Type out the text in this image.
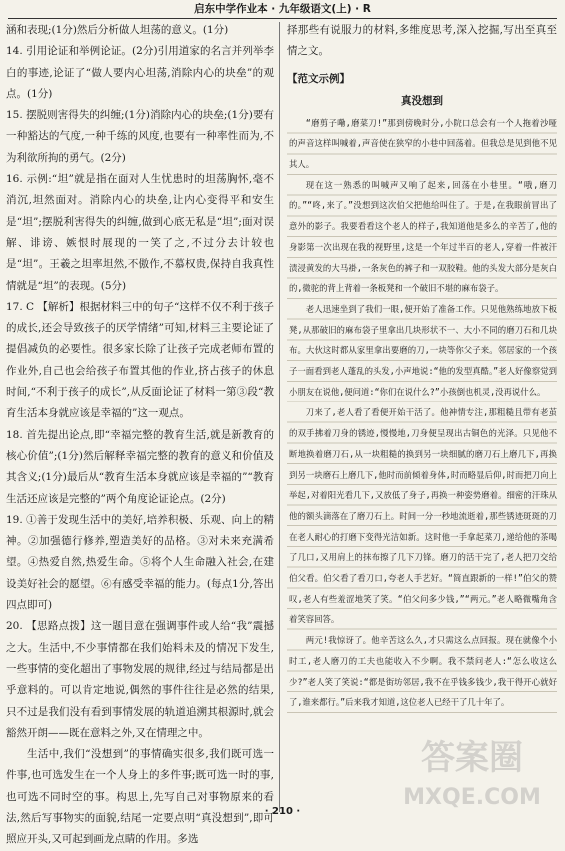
启东中学作业本 · 九年级语文(上) · R

涵和表现;(1分)然后分析做人坦荡的意义。(1分)

14. 引用论证和举例论证。(2分)引用道家的名言并列举李白的事迹,论证了“做人要内心坦荡,消除内心的块垒”的观点。(1分)

15. 摆脱则害得失的纠缠;(1分)消除内心的块垒;(1分)要有一种豁达的气度,一种千练的风度,也要有一种率性而为,不为利欲所拘的勇气。(2分)

16. 示例:“坦”就是指在面对人生忧患时的坦荡胸怀,毫不消沉,坦然面对。消除内心的块垒,让内心变得平和安生是“坦”;摆脱利害得失的纠缠,做到心底无私是“坦”;面对误解、诽谤、嫉恨时展现的一笑了之,不过分去计较也是“坦”。王羲之坦率坦然,不傲作,不慕权贵,保持自我真性情就是“坦”的表现。(5分)

17. C 【解析】根据材料三中的句子“这样不仅不利于孩子的成长,还会导致孩子的厌学情绪”可知,材料三主要论证了提倡减负的必要性。很多家长除了让孩子完成老师布置的作业外,自己也会给孩子布置其他的作业,挤占孩子的休息时间,“不利于孩子的成长”,从反面论证了材料一第③段“教育生活本身就应该是幸福的”这一观点。

18. 首先提出论点,即“幸福完整的教育生活,就是新教育的核心价值”;(1分)然后解释幸福完整的教育的意义和价值及其含义;(1分)最后从“教育生活本身就应该是幸福的”“教育生活还应该是完整的”两个角度论证论点。(2分)

19. ①善于发现生活中的美好,培养积极、乐观、向上的精神。②加强德行修养,塑造美好的品格。③对未来充满希望。④热爱自然,热爱生命。⑤将个人生命融入社会,在建设美好社会的愿望。⑥有感受幸福的能力。(每点1分,答出四点即可)

20. 【思路点拨】这一题目意在强调事件或人给“我”震撼之大。生活中,不少事情都在我们始料未及的情况下发生,一些事情的变化超出了事物发展的规律,经过与结局都是出乎意料的。可以肯定地说,偶然的事件往往是必然的结果,只不过是我们没有看到事情发展的轨道追溯其根源时,就会豁然开朗——既在意料之外,又在情理之中。

生活中,我们“没想到”的事情确实很多,我们既可选一件事,也可选发生在一个人身上的多件事;既可选一时的事,也可选不同时空的事。构思上,先写自己对事物原来的看法,然后写事物实的面貌,结尾一定要点明“真没想到”,即可照应开头,又可起到画龙点睛的作用。多选

择那些有说服力的材料,多维度思考,深入挖掘,写出至真至情之文。

【范文示例】
真没想到

“磨剪子嘞,磨菜刀!”那到傍晚时分,小院口总会有一个人拖着沙哑的声音这样叫喊着,声音使在狭窄的小巷中回荡着。但我总是见到他不见其人。

现在这一熟悉的叫喊声又响了起来,回荡在小巷里。“哦,磨刀的。”“咚,来了。”没想到这次伯父把他给叫住了。于是,在我眼前冒出了意外的影子。我要看看这个老人的样子,我知道他是多么的辛苦了,他的身影第一次出现在我的视野里,这是一个年过半百的老人,穿着一件被汗渍浸黄发的大马褂,一条灰色的裤子和一双胶鞋。他的头发大部分是灰白的,微驼的背上背着一条板凳和一个破旧不堪的麻布袋子。

老人迅速坐到了我们一眼,便开始了准备工作。只见他熟练地放下板凳,从那破旧的麻布袋子里拿出几块形状不一、大小不同的磨刀石和几块布。大伙这时都从家里拿出要磨的刀,一块等你父子来。邻居家的一个孩子一面看到老人蓬乱的头发,小声地说:“他的发型真酷。”老人好像察觉到小朋友在说他,便问道:“你们在说什么?”小孩倒也机灵,没再说什么。

刀来了,老人看了看便开始干活了。他神情专注,那粗糙且带有老茧的双手拂着刀身的锈迹,慢慢地,刀身便呈现出古铜色的光泽。只见他不断地换着磨刀石,从一块粗糙的换到另一块细腻的磨刀石上磨几下,再换到另一块磨石上磨几下,他时而前倾着身体,时而略显后仰,时而把刀向上举起,对着阳光看几下,又放低了身子,再换一种姿势磨着。细密的汗珠从他的额头滴落在了磨刀石上。时间一分一秒地流逝着,那些锈迹斑斑的刀在老人耐心的打磨下变得光洁如新。这时他一手拿起菜刀,递给他的茶喝了几口,又用肩上的抹布擦了几下刀锋。磨刀的活干完了,老人把刀交给伯父看。伯父看了看刀口,夸老人手艺好。“简直跟新的一样!”伯父的赞叹,老人有些羞涩地笑了笑。“伯父问多少钱,”“两元。”老人略微嘴角含着笑容回答。

两元!我惊讶了。他辛苦这么久,才只需这么点回报。现在就像个小时工,老人磨刀的工夫也能收入不少啊。我不禁问老人:“怎么收这么少?”老人笑了笑说:“都是街坊邻居,我不在乎钱多钱少,我干得开心就好了,谁来都行。”后来我才知道,这位老人已经干了几十年了。

答案圈
MXQE.COM
· 210 ·
